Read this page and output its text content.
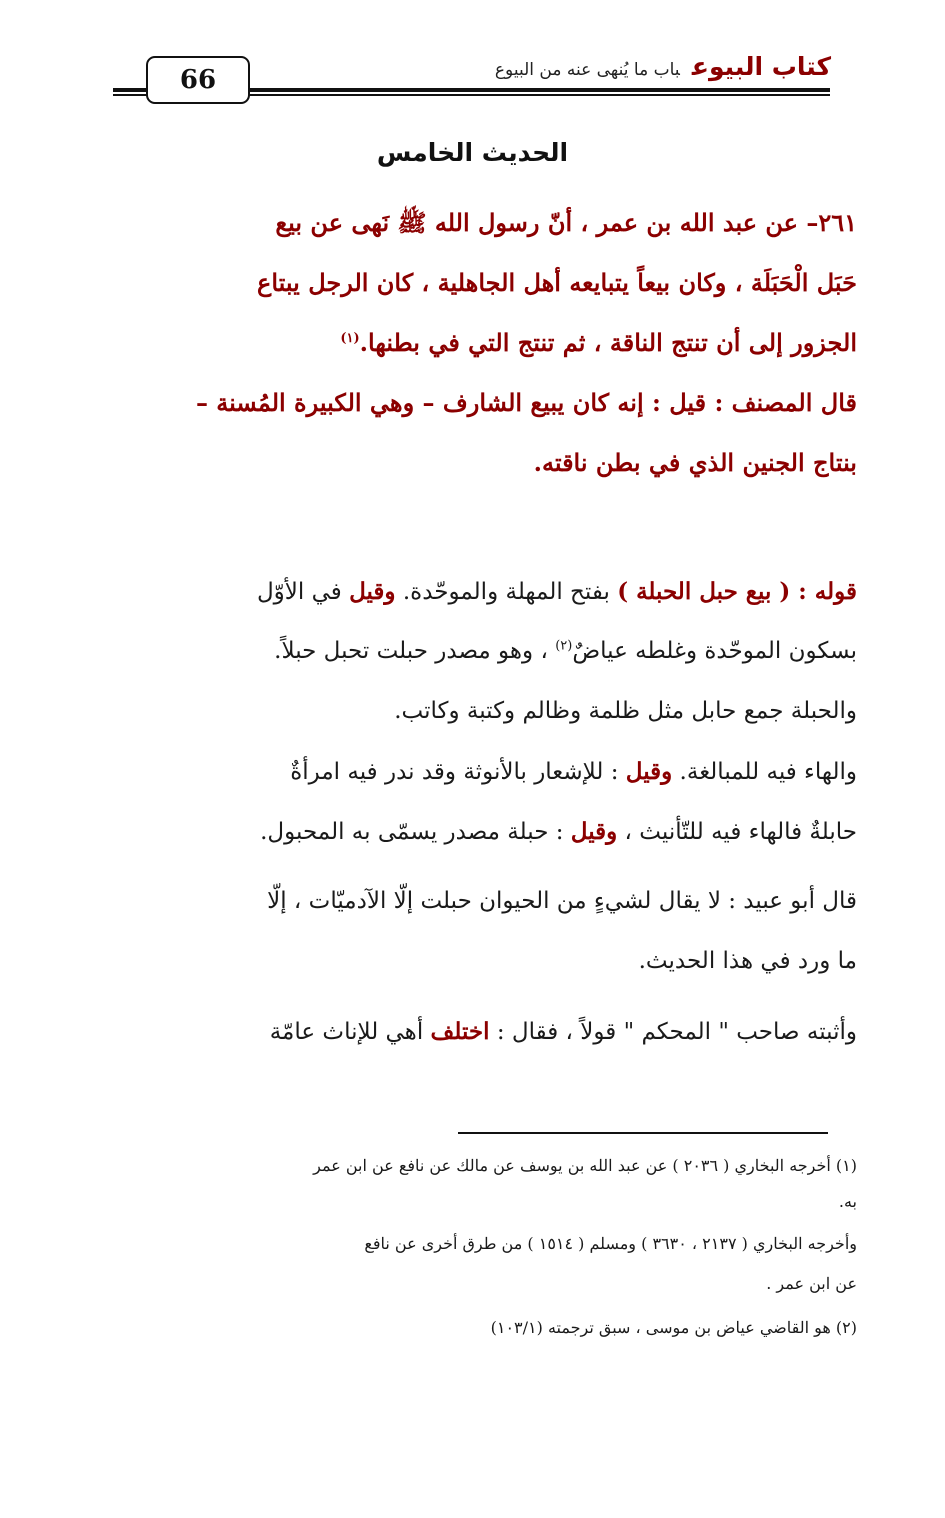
66	كتاب البيوعباب ما يُنهى عنه من البيوع
الحديث الخامس
٢٦١– عن عبد الله بن عمر ، أنّ رسول الله ﷺ نَهى عن بيع
حَبَل الْحَبَلَة ، وكان بيعاً يتبايعه أهل الجاهلية ، كان الرجل يبتاع
الجزور إلى أن تنتج الناقة ، ثم تنتج التي في بطنها.$^{(١)}$
قال المصنف : قيل : إنه كان يبيع الشارف – وهي الكبيرة المُسنة –
بنتاج الجنين الذي في بطن ناقته.
قوله : ( بيع حبل الحبلة ) بفتح المهلة والموحّدة. وقيل في الأوّل
بسكون الموحّدة وغلطه عياضٌ$^{(٢)}$ ، وهو مصدر حبلت تحبل حبلاً.
والحبلة جمع حابل مثل ظلمة وظالم وكتبة وكاتب.
والهاء فيه للمبالغة. وقيل : للإشعار بالأنوثة وقد ندر فيه امرأةٌ
حابلةٌ فالهاء فيه للتّأنيث ، وقيل : حبلة مصدر يسمّى به المحبول.
قال أبو عبيد : لا يقال لشيءٍ من الحيوان حبلت إلّا الآدميّات ، إلّا
ما ورد في هذا الحديث.
وأثبته صاحب " المحكم " قولاً ، فقال : اختلف أهي للإناث عامّة
(١) أخرجه البخاري ( ٢٠٣٦ ) عن عبد الله بن يوسف عن مالك عن نافع عن ابن عمر
به.
وأخرجه البخاري ( ٢١٣٧ ، ٣٦٣٠ ) ومسلم ( ١٥١٤ ) من طرق أخرى عن نافع
عن ابن عمر .
(٢) هو القاضي عياض بن موسى ، سبق ترجمته (١٠٣/١)
